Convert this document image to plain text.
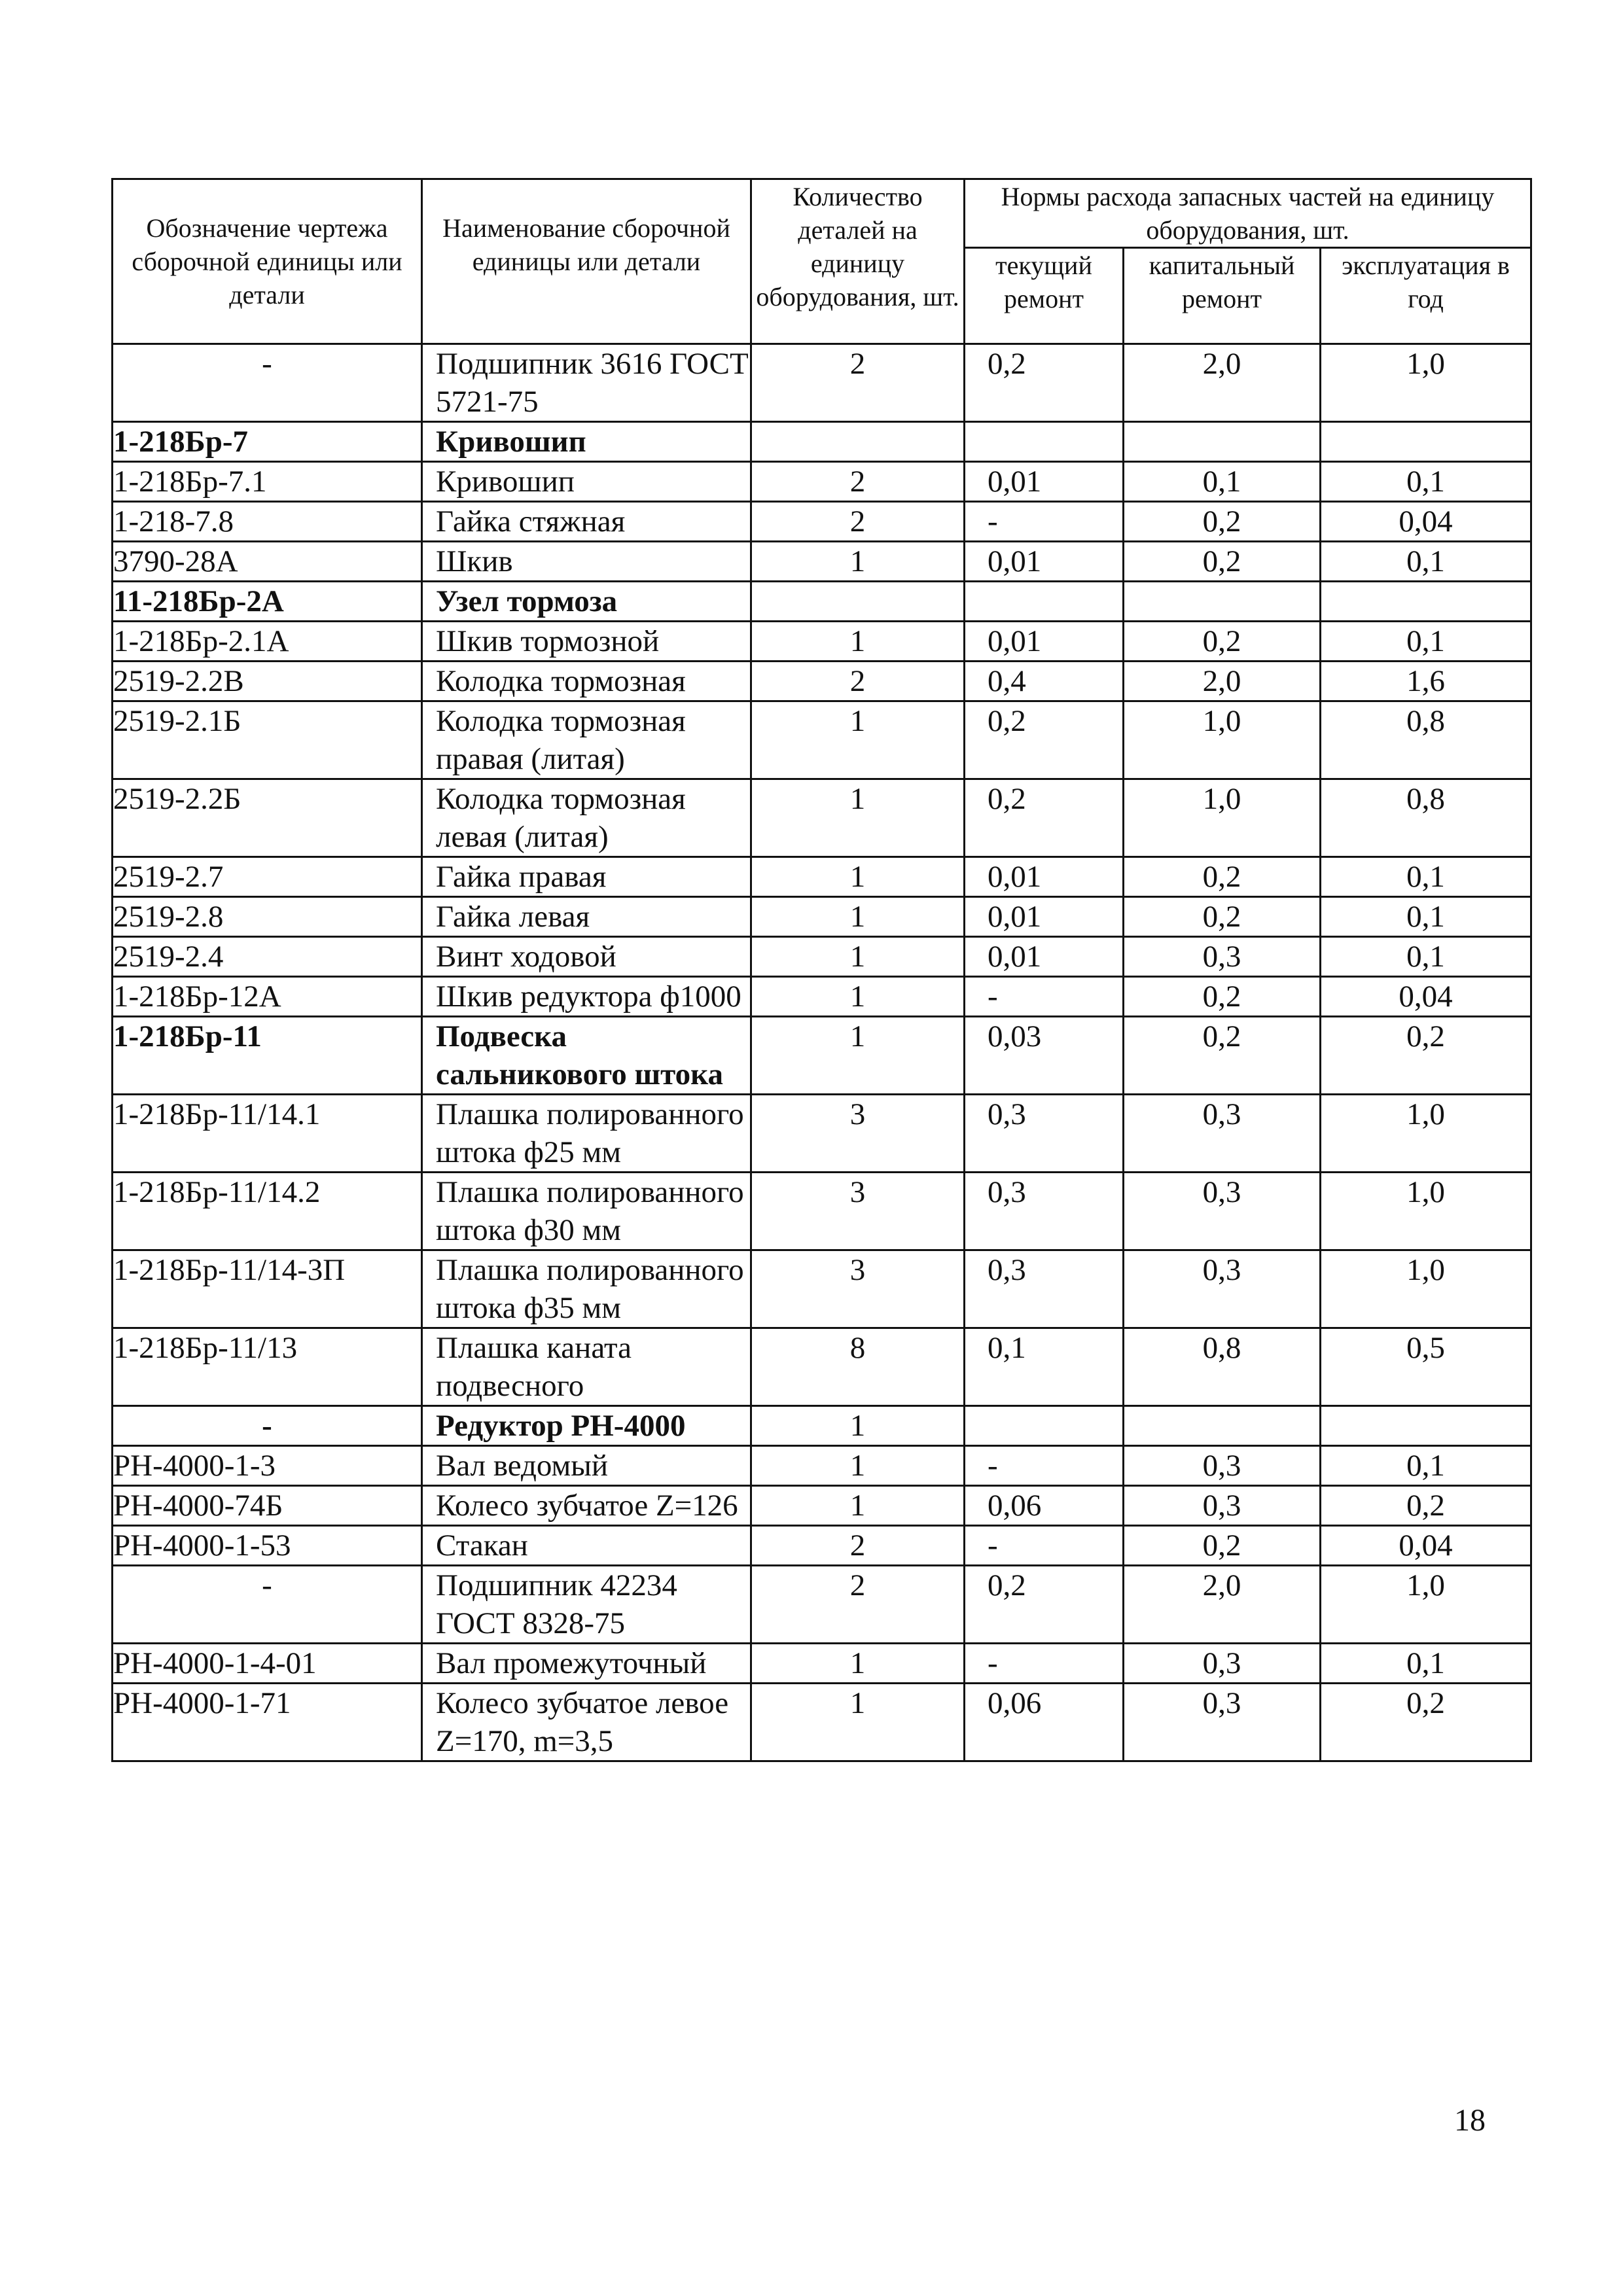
Обозначение чертежа сборочной единицы или детали	Наименование сборочной единицы или детали	Количество деталей на единицу оборудования, шт.	Нормы расхода запасных частей на единицу оборудования, шт.		
			текущий ремонт	капитальный ремонт	эксплуатация в год
-	Подшипник 3616 ГОСТ 5721-75	2	0,2	2,0	1,0
1-218Бр-7	Кривошип				
1-218Бр-7.1	Кривошип	2	0,01	0,1	0,1
1-218-7.8	Гайка стяжная	2	-	0,2	0,04
3790-28А	Шкив	1	0,01	0,2	0,1
11-218Бр-2А	Узел тормоза				
1-218Бр-2.1А	Шкив тормозной	1	0,01	0,2	0,1
2519-2.2В	Колодка тормозная	2	0,4	2,0	1,6
2519-2.1Б	Колодка тормозная правая (литая)	1	0,2	1,0	0,8
2519-2.2Б	Колодка тормозная левая (литая)	1	0,2	1,0	0,8
2519-2.7	Гайка правая	1	0,01	0,2	0,1
2519-2.8	Гайка левая	1	0,01	0,2	0,1
2519-2.4	Винт ходовой	1	0,01	0,3	0,1
1-218Бр-12А	Шкив редуктора ф1000	1	-	0,2	0,04
1-218Бр-11	Подвеска сальникового штока	1	0,03	0,2	0,2
1-218Бр-11/14.1	Плашка полированного штока ф25 мм	3	0,3	0,3	1,0
1-218Бр-11/14.2	Плашка полированного штока ф30 мм	3	0,3	0,3	1,0
1-218Бр-11/14-3П	Плашка полированного штока ф35 мм	3	0,3	0,3	1,0
1-218Бр-11/13	Плашка каната подвесного	8	0,1	0,8	0,5
-	Редуктор РН-4000	1			
РН-4000-1-3	Вал ведомый	1	-	0,3	0,1
РН-4000-74Б	Колесо зубчатое Z=126	1	0,06	0,3	0,2
РН-4000-1-53	Стакан	2	-	0,2	0,04
-	Подшипник 42234 ГОСТ 8328-75	2	0,2	2,0	1,0
РН-4000-1-4-01	Вал промежуточный	1	-	0,3	0,1
РН-4000-1-71	Колесо зубчатое левое Z=170, m=3,5	1	0,06	0,3	0,2
18
